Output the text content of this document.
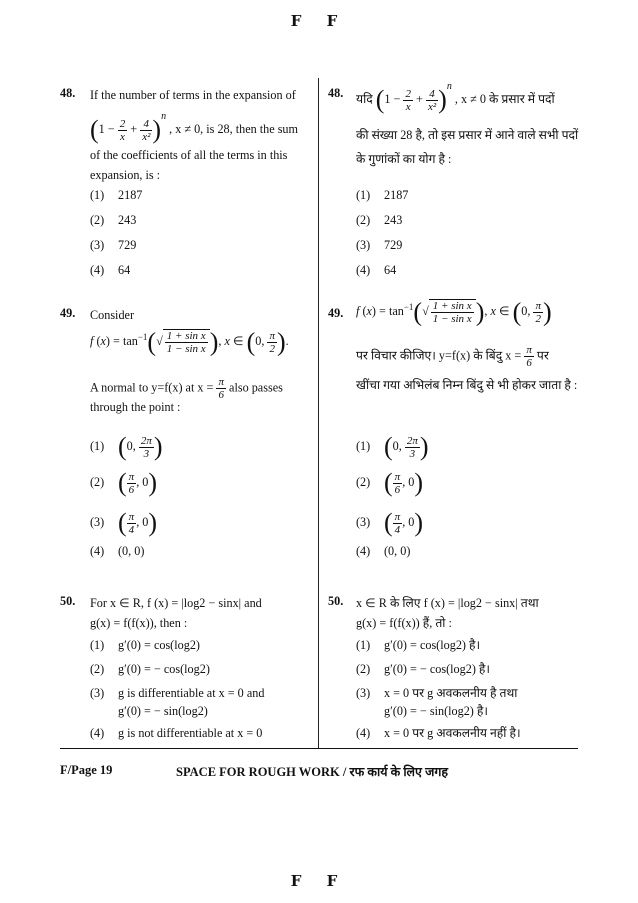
F F
48. If the number of terms in the expansion of
$(1 - \frac{2}{x} + \frac{4}{\text{x²}} )^n$ , x ≠ 0, is 28, then the sum
of the coefficients of all the terms in this
expansion, is :
(1) 2187
(2) 243
(3) 729
(4) 64
48. यदि $(1 - \frac{2}{x} + \frac{4}{\text{x²}} )^n$ , x ≠ 0 के प्रसार में पदों
की संख्या 28 है, तो इस प्रसार में आने वाले सभी पदों
के गुणांकों का योग है :
(1) 2187
(2) 243
(3) 729
(4) 64
49. Consider
f $(x) = \tan^{-1}(√ \frac{\text{1 + sin x}}{\text{1 − sin x}}$ ), x ∈ (0, $\frac{\pi}{2}$ ).
A normal to y=f(x) at $x = \frac{\pi}{6}$ also passes
through the point :
(1) (0, $\frac{2\pi}{3}$ )
(2) ( $\frac{\pi}{6}$ , 0)
(3) ( $\frac{\pi}{4}$ , 0)
(4) (0, 0)
49. f $(x) = \tan^{-1}(√ \frac{\text{1 + sin x}}{\text{1 − sin x}}$ ), x ∈ (0, $\frac{\pi}{2}$ )
पर विचार कीजिए। y=f(x) के बिंदु $x = \frac{\pi}{6}$ पर
खींचा गया अभिलंब निम्न बिंदु से भी होकर जाता है :
(1) (0, $\frac{2\pi}{3}$ )
(2) ( $\frac{\pi}{6}$ , 0)
(3) ( $\frac{\pi}{4}$ , 0)
(4) (0, 0)
50. For x ∈ R, f (x) = |log2 − sinx| and
g(x) = f(f(x)), then :
(1) g′(0) = cos(log2)
(2) g′(0) = − cos(log2)
(3) g is differentiable at x = 0 and
g′(0) = − sin(log2)
(4) g is not differentiable at x = 0
50. x ∈ R के लिए f (x) = |log2 − sinx| तथा
g(x) = f(f(x)) हैं, तो :
(1) g′(0) = cos(log2) है।
(2) g′(0) = − cos(log2) है।
(3) x = 0 पर g अवकलनीय है तथा
g′(0) = − sin(log2) है।
(4) x = 0 पर g अवकलनीय नहीं है।
F/Page 19	SPACE FOR ROUGH WORK / रफ कार्य के लिए जगह
F F
